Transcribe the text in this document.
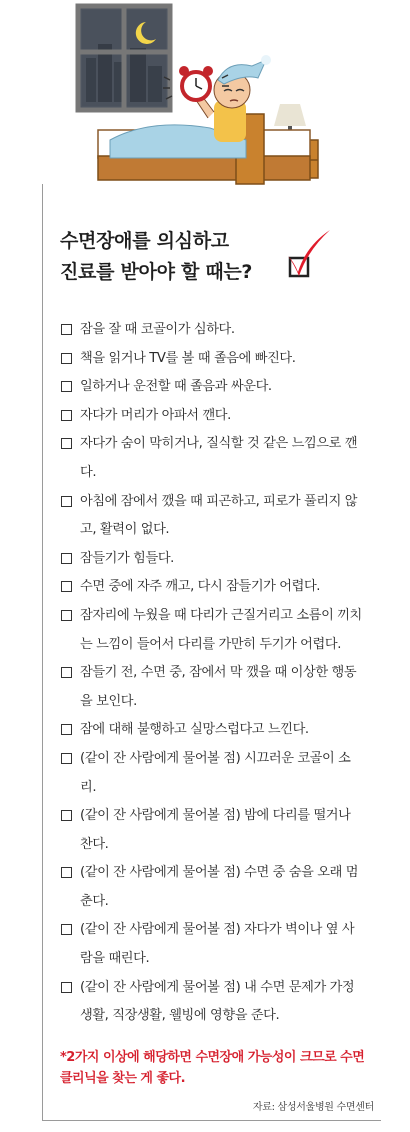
수면장애를 의심하고
진료를 받아야 할 때는?
잠을 잘 때 코골이가 심하다.
책을 읽거나 TV를 볼 때 졸음에 빠진다.
일하거나 운전할 때 졸음과 싸운다.
자다가 머리가 아파서 깬다.
자다가 숨이 막히거나, 질식할 것 같은 느낌으로 깬다.
아침에 잠에서 깼을 때 피곤하고, 피로가 풀리지 않고, 활력이 없다.
잠들기가 힘들다.
수면 중에 자주 깨고, 다시 잠들기가 어렵다.
잠자리에 누웠을 때 다리가 근질거리고 소름이 끼치는 느낌이 들어서 다리를 가만히 두기가 어렵다.
잠들기 전, 수면 중, 잠에서 막 깼을 때 이상한 행동을 보인다.
잠에 대해 불행하고 실망스럽다고 느낀다.
(같이 잔 사람에게 물어볼 점) 시끄러운 코골이 소리.
(같이 잔 사람에게 물어볼 점) 밤에 다리를 떨거나 찬다.
(같이 잔 사람에게 물어볼 점) 수면 중 숨을 오래 멈춘다.
(같이 잔 사람에게 물어볼 점) 자다가 벽이나 옆 사람을 때린다.
(같이 잔 사람에게 물어볼 점) 내 수면 문제가 가정생활, 직장생활, 웰빙에 영향을 준다.
*2가지 이상에 해당하면 수면장애 가능성이 크므로 수면클리닉을 찾는 게 좋다.
자료: 삼성서울병원 수면센터
